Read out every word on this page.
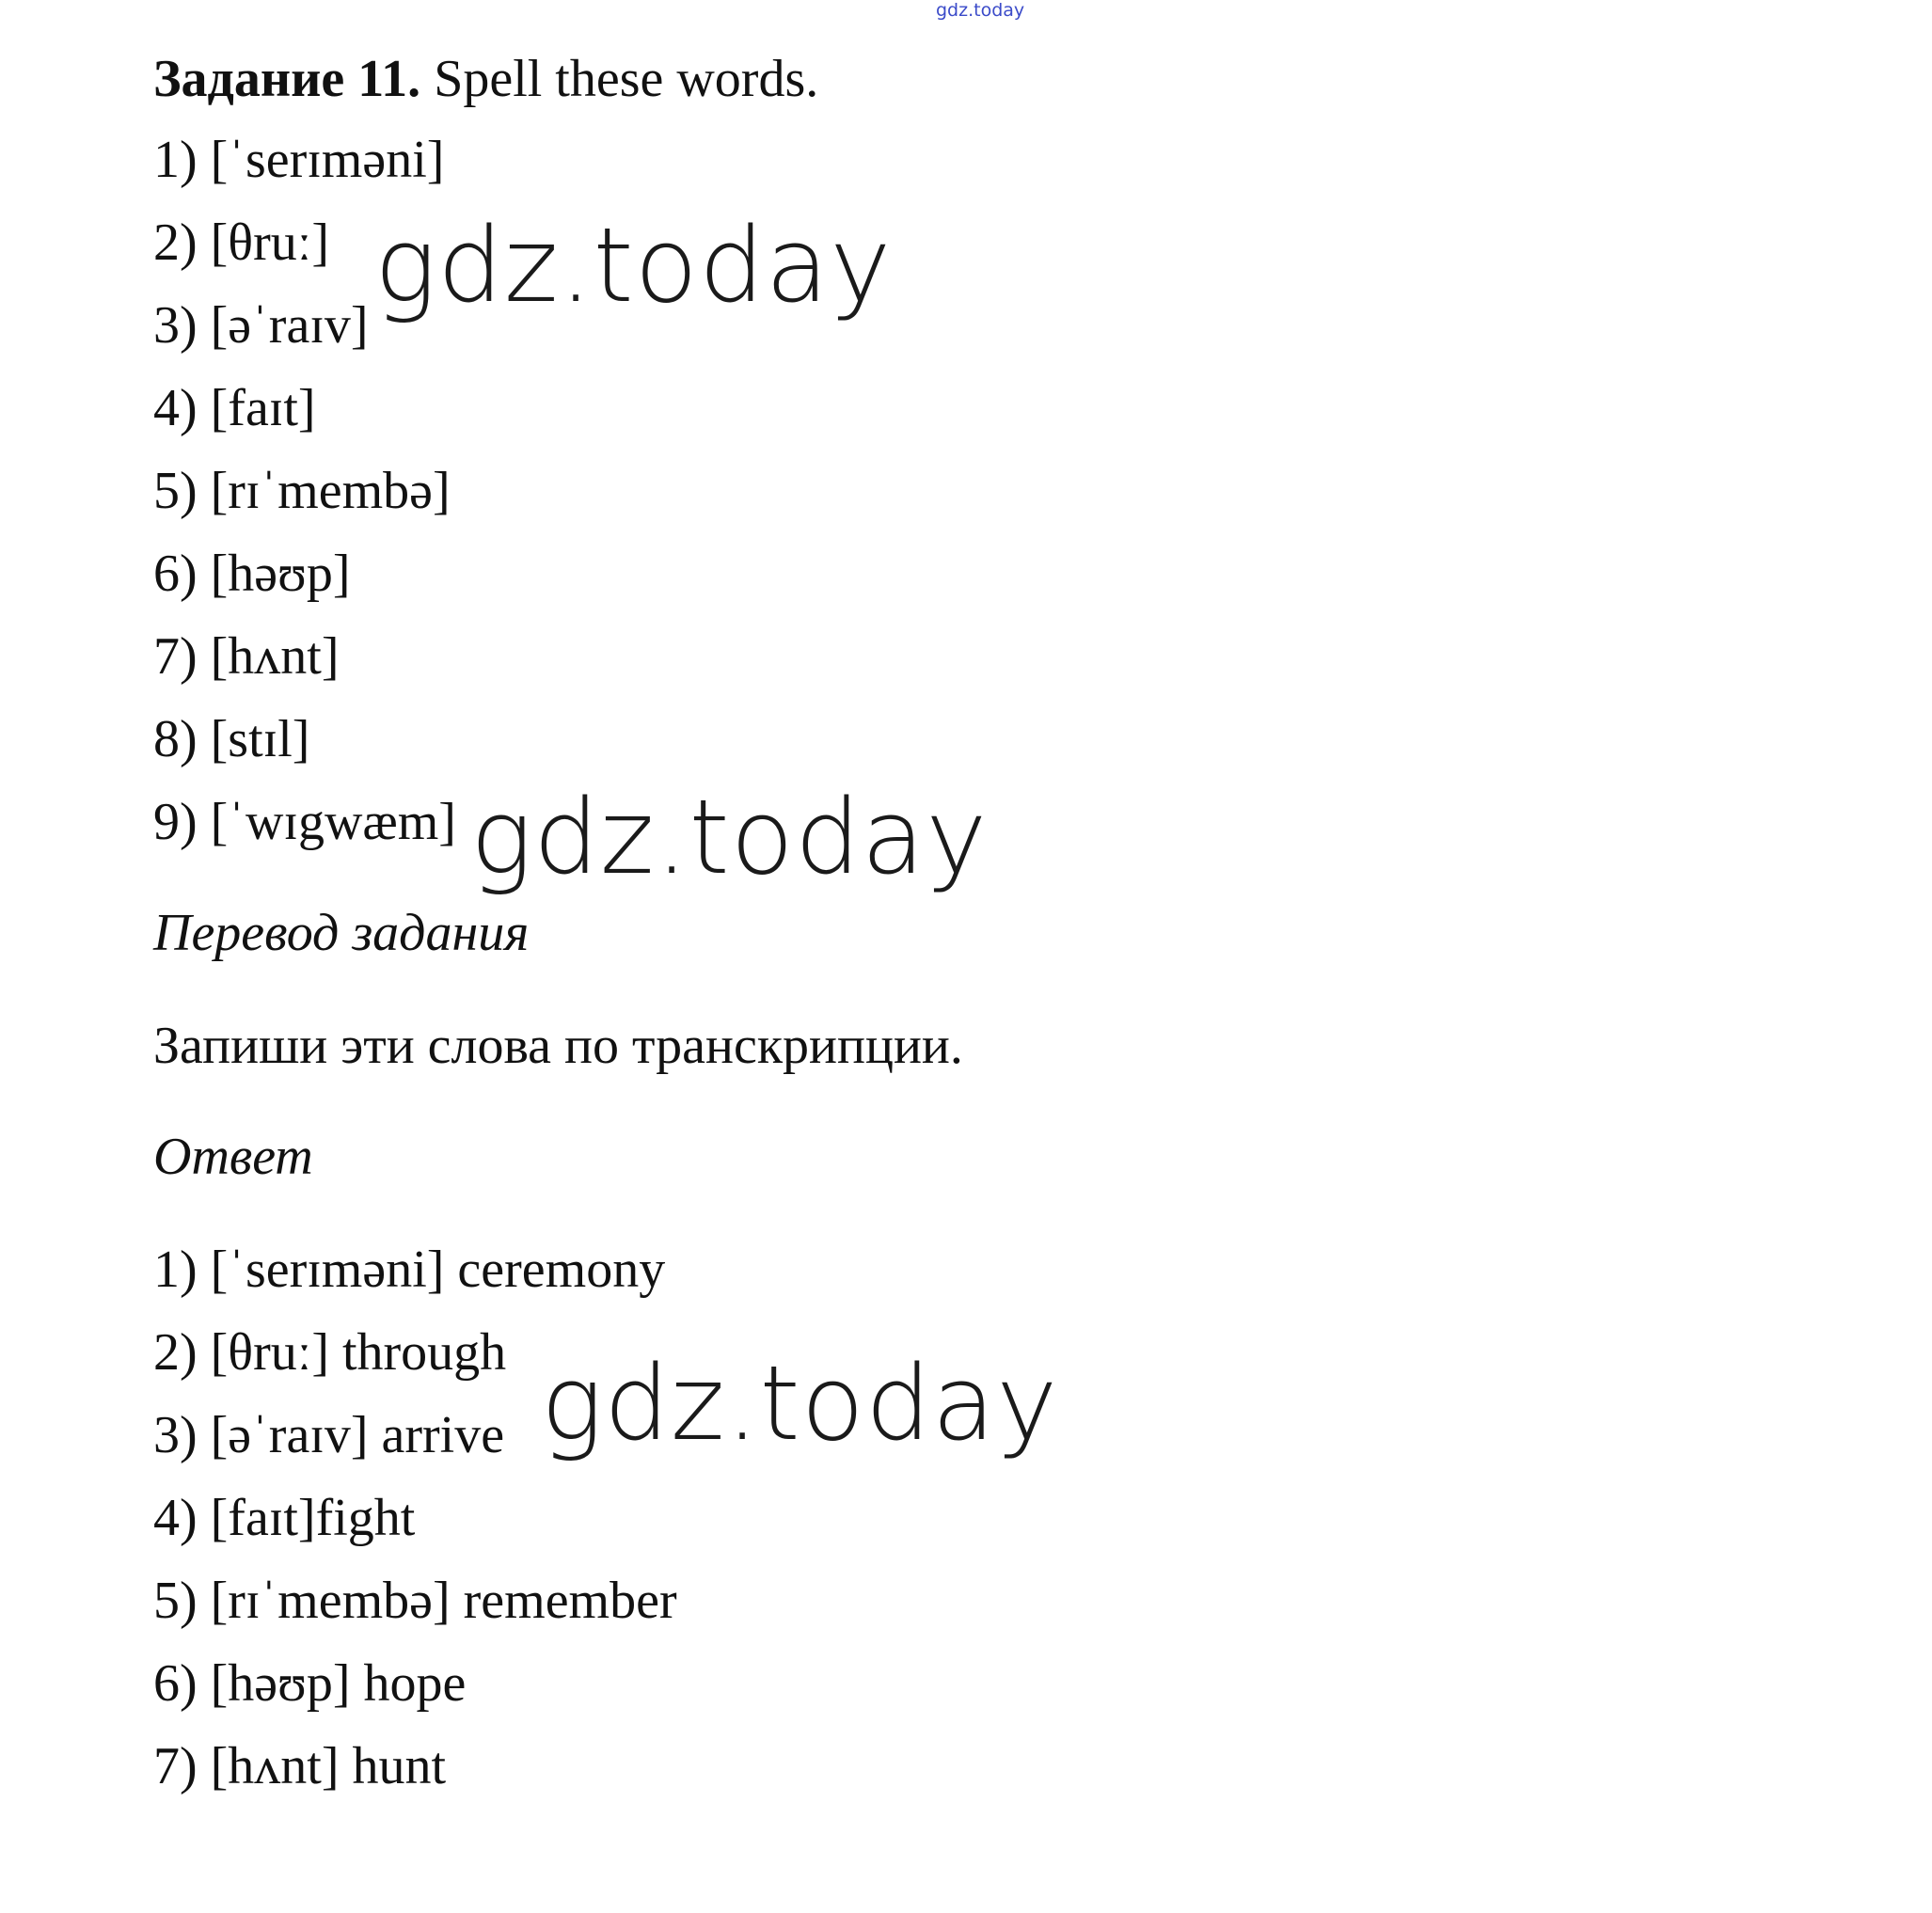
gdz.today
Задание 11. Spell these words.
1) [ˈserɪməni]
2) [θruː]
3) [əˈraɪv]
4) [faɪt]
5) [rɪˈmembə]
6) [həʊp]
7) [hʌnt]
8) [stɪl]
9) [ˈwɪgwæm]
Перевод задания
Запиши эти слова по транскрипции.
Ответ
1) [ˈserɪməni] ceremony
2) [θruː] through
3) [əˈraɪv] arrive
4) [faɪt]fight
5) [rɪˈmembə] remember
6) [həʊp] hope
7) [hʌnt] hunt
gdz.today
gdz.today
gdz.today
